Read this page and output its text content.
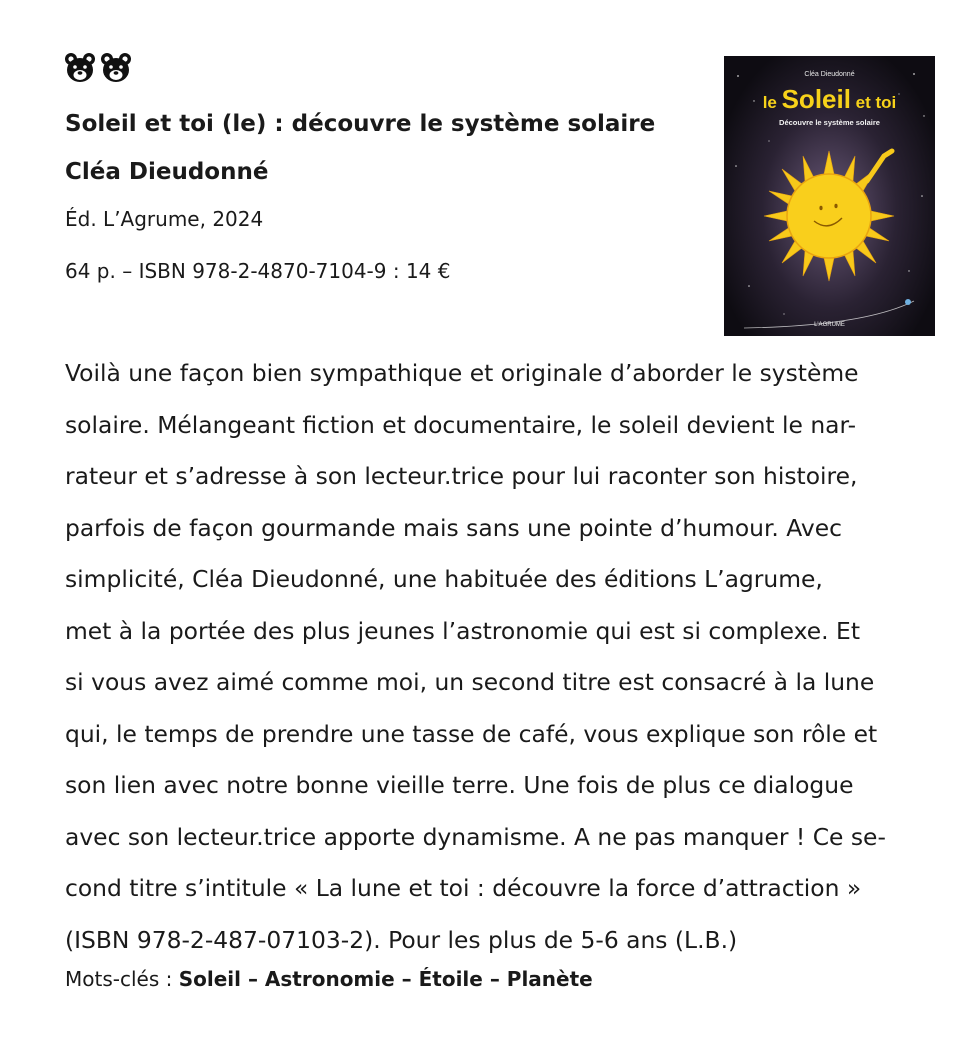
Soleil et toi (le) : découvre le système solaire
Cléa Dieudonné
Éd. L’Agrume, 2024
64 p. – ISBN 978-2-4870-7104-9 : 14 €
Cléa Dieudonné
le Soleil et toi
Découvre le système solaire
L'AGRUME
Voilà une façon bien sympathique et originale d’aborder le système
solaire. Mélangeant fiction et documentaire, le soleil devient le nar-
rateur et s’adresse à son lecteur.trice pour lui raconter son histoire,
parfois de façon gourmande mais sans une pointe d’humour. Avec
simplicité, Cléa Dieudonné, une habituée des éditions L’agrume,
met à la portée des plus jeunes l’astronomie qui est si complexe. Et
si vous avez aimé comme moi, un second titre est consacré à la lune
qui, le temps de prendre une tasse de café, vous explique son rôle et
son lien avec notre bonne vieille terre. Une fois de plus ce dialogue
avec son lecteur.trice apporte dynamisme. A ne pas manquer ! Ce se-
cond titre s’intitule « La lune et toi : découvre la force d’attraction »
(ISBN 978-2-487-07103-2). Pour les plus de 5-6 ans (L.B.)
Mots-clés : Soleil – Astronomie – Étoile – Planète
